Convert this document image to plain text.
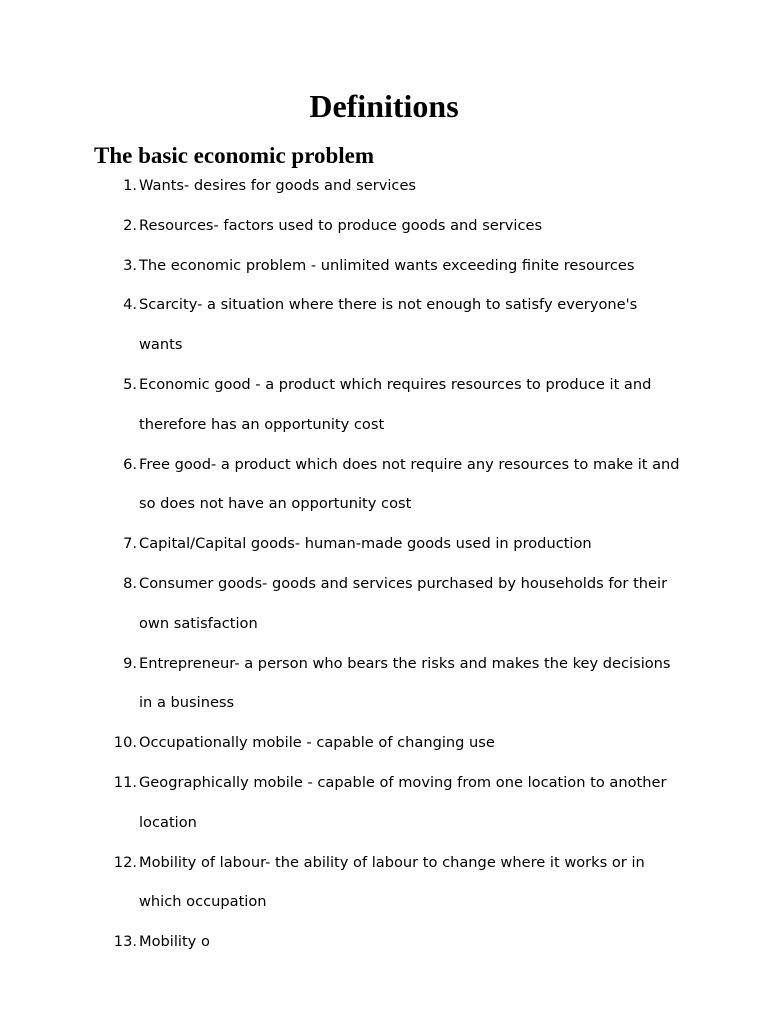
Definitions
The basic economic problem
1. Wants- desires for goods and services
2. Resources- factors used to produce goods and services
3. The economic problem - unlimited wants exceeding finite resources
4. Scarcity- a situation where there is not enough to satisfy everyone's wants
5. Economic good - a product which requires resources to produce it and therefore has an opportunity cost
6. Free good- a product which does not require any resources to make it and so does not have an opportunity cost
7. Capital/Capital goods- human-made goods used in production
8. Consumer goods- goods and services purchased by households for their own satisfaction
9. Entrepreneur- a person who bears the risks and makes the key decisions in a business
10. Occupationally mobile - capable of changing use
11. Geographically mobile - capable of moving from one location to another location
12. Mobility of labour- the ability of labour to change where it works or in which occupation
13. Mobility o
